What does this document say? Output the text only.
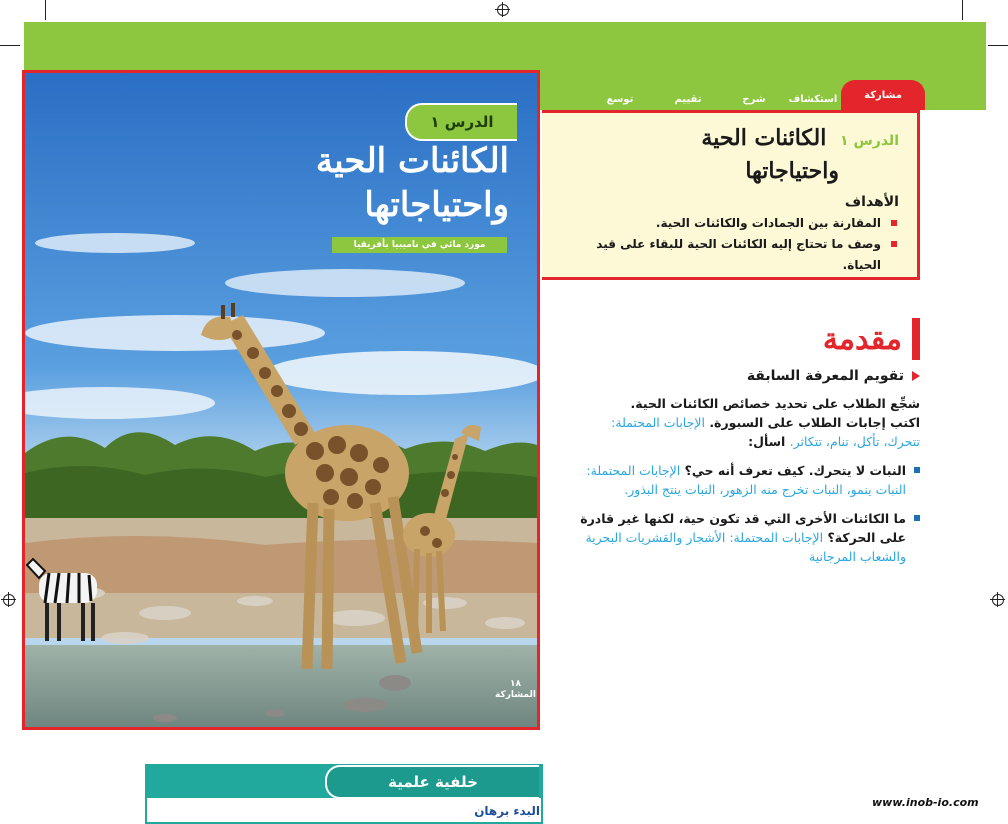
مشاركة
استكشاف
شرح
تقييم
توسع
الدرس ١ الكائنات الحية
واحتياجاتها
الأهداف
المقارنة بين الجمادات والكائنات الحية.
وصف ما تحتاج إليه الكائنات الحية للبقاء على قيد الحياة.
الدرس ١
الكائنات الحية
واحتياجاتها
مورد مائي في ناميبيا بأفريقيا
١٨
المشاركة
مقدمة
تقويم المعرفة السابقة
شجِّع الطلاب على تحديد خصائص الكائنات الحية.
اكتب إجابات الطلاب على السبورة. الإجابات المحتملة: تتحرك، تأكل، تنام، تتكاثر. اسأل:
النبات لا يتحرك. كيف تعرف أنه حي؟ الإجابات المحتملة: النبات ينمو، النبات تخرج منه الزهور، النبات ينتج البذور.
ما الكائنات الأخرى التي قد تكون حية، لكنها غير قادرة على الحركة؟ الإجابات المحتملة: الأشجار والقشريات البحرية والشعاب المرجانية
خلفية علمية
البدء برهان
www.inob-io.com
